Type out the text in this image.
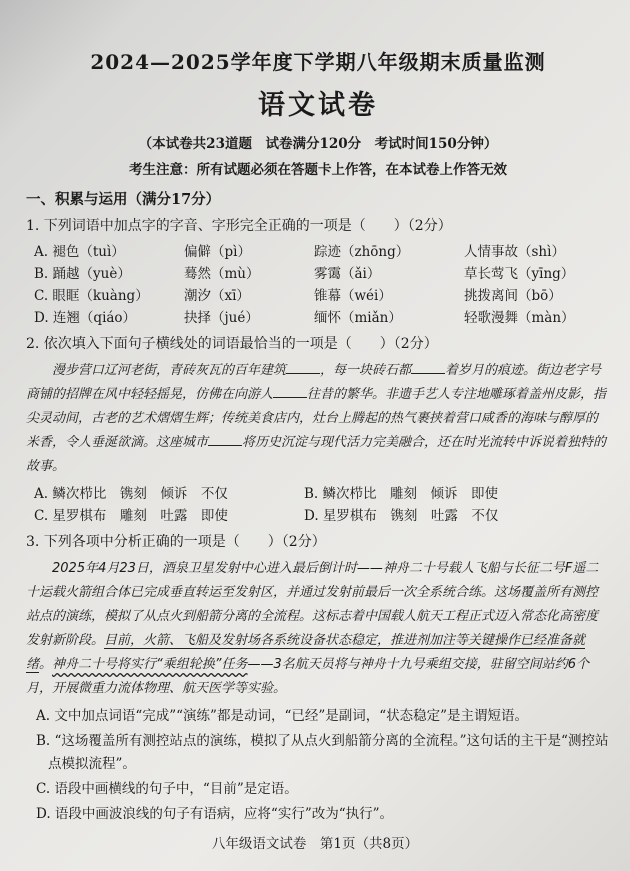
2024—2025学年度下学期八年级期末质量监测
语文试卷

（本试卷共23道题　试卷满分120分　考试时间150分钟）

考生注意：所有试题必须在答题卡上作答，在本试卷上作答无效

一、积累与运用（满分17分）

1. 下列词语中加点字的字音、字形完全正确的一项是（　　）（2分）

A. 褪色（tuì）	偏僻（pì）	踪迹（zhōng）	人情事故（shì）
B. 踊越（yuè）	蓦然（mù）	雾霭（ǎi）	草长莺飞（yīng）
C. 眼眶（kuàng）	潮汐（xī）	锥幕（wéi）	挑拨离间（bō）
D. 连翘（qiáo）	抉择（jué）	缅怀（miǎn）	轻歌漫舞（màn）

2. 依次填入下面句子横线处的词语最恰当的一项是（　　）（2分）

漫步营口辽河老街，青砖灰瓦的百年建筑	，每一块砖石都	着岁月的痕迹。街边老字号商铺的招牌在风中轻轻摇晃，仿佛在向游人	往昔的繁华。非遗手艺人专注地雕琢着盖州皮影，指尖灵动间，古老的艺术熠熠生辉；传统美食店内，灶台上腾起的热气裹挟着营口咸香的海味与醇厚的米香，令人垂涎欲滴。这座城市	将历史沉淀与现代活力完美融合，还在时光流转中诉说着独特的故事。

A. 鳞次栉比　镌刻　倾诉　不仅	B. 鳞次栉比　雕刻　倾诉　即使
C. 星罗棋布　雕刻　吐露　即使	D. 星罗棋布　镌刻　吐露　不仅

3. 下列各项中分析正确的一项是（　　）（2分）

2025年4月23日，酒泉卫星发射中心进入最后倒计时——神舟二十号载人飞船与长征二号F遥二十运载火箭组合体已完成垂直转运至发射区，并通过发射前最后一次全系统合练。这场覆盖所有测控站点的演练，模拟了从点火到船箭分离的全流程。这标志着中国载人航天工程正式迈入常态化高密度发射新阶段。目前，火箭、飞船及发射场各系统设备状态稳定，推进剂加注等关键操作已经准备就绪。神舟二十号将实行“乘组轮换”任务——3名航天员将与神舟十九号乘组交接，驻留空间站约6个月，开展微重力流体物理、航天医学等实验。

A. 文中加点词语“完成”“演练”都是动词，“已经”是副词，“状态稳定”是主谓短语。

B. “这场覆盖所有测控站点的演练，模拟了从点火到船箭分离的全流程。”这句话的主干是“测控站点模拟流程”。

C. 语段中画横线的句子中，“目前”是定语。

D. 语段中画波浪线的句子有语病，应将“实行”改为“执行”。

八年级语文试卷　第1页（共8页）
